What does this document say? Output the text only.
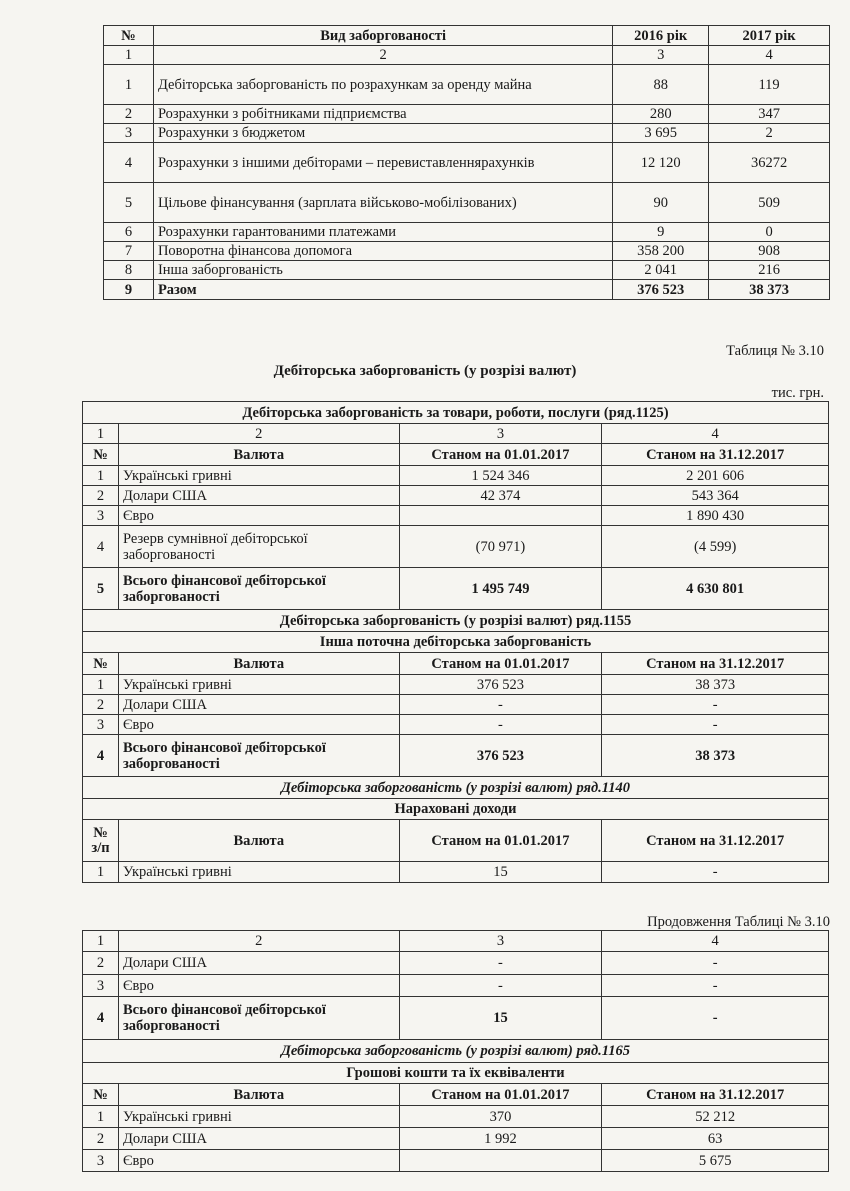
№	Вид заборгованості	2016 рік	2017 рік
1	2	3	4
1	Дебіторська заборгованість по розрахункам за оренду майна	88	119
2	Розрахунки з робітниками підприємства	280	347
3	Розрахунки з бюджетом	3 695	2
4	Розрахунки з іншими дебіторами – перевиставленнярахунків	12 120	36272
5	Цільове фінансування (зарплата військово-мобілізованих)	90	509
6	Розрахунки гарантованими платежами	9	0
7	Поворотна фінансова допомога	358 200	908
8	Інша заборгованість	2 041	216
9	Разом	376 523	38 373
Таблиця № 3.10
Дебіторська заборгованість (у розрізі валют)
тис. грн.
Дебіторська заборгованість за товари, роботи, послуги (ряд.1125)			
1	2	3	4
№	Валюта	Станом на 01.01.2017	Станом на 31.12.2017
1	Українські гривні	1 524 346	2 201 606
2	Долари США	42 374	543 364
3	Євро		1 890 430
4	Резерв сумнівної дебіторської заборгованості	(70 971)	(4 599)
5	Всього фінансової дебіторської заборгованості	1 495 749	4 630 801
Дебіторська заборгованість (у розрізі валют) ряд.1155			
Інша поточна дебіторська заборгованість			
№	Валюта	Станом на 01.01.2017	Станом на 31.12.2017
1	Українські гривні	376 523	38 373
2	Долари США	-	-
3	Євро	-	-
4	Всього фінансової дебіторської заборгованості	376 523	38 373
Дебіторська заборгованість (у розрізі валют) ряд.1140			
Нараховані доходи			
№ з/п	Валюта	Станом на 01.01.2017	Станом на 31.12.2017
1	Українські гривні	15	-
Продовження Таблиці № 3.10
1	2	3	4
2	Долари США	-	-
3	Євро	-	-
4	Всього фінансової дебіторської заборгованості	15	-
Дебіторська заборгованість (у розрізі валют) ряд.1165			
Грошові кошти та їх еквіваленти			
№	Валюта	Станом на 01.01.2017	Станом на 31.12.2017
1	Українські гривні	370	52 212
2	Долари США	1 992	63
3	Євро		5 675
